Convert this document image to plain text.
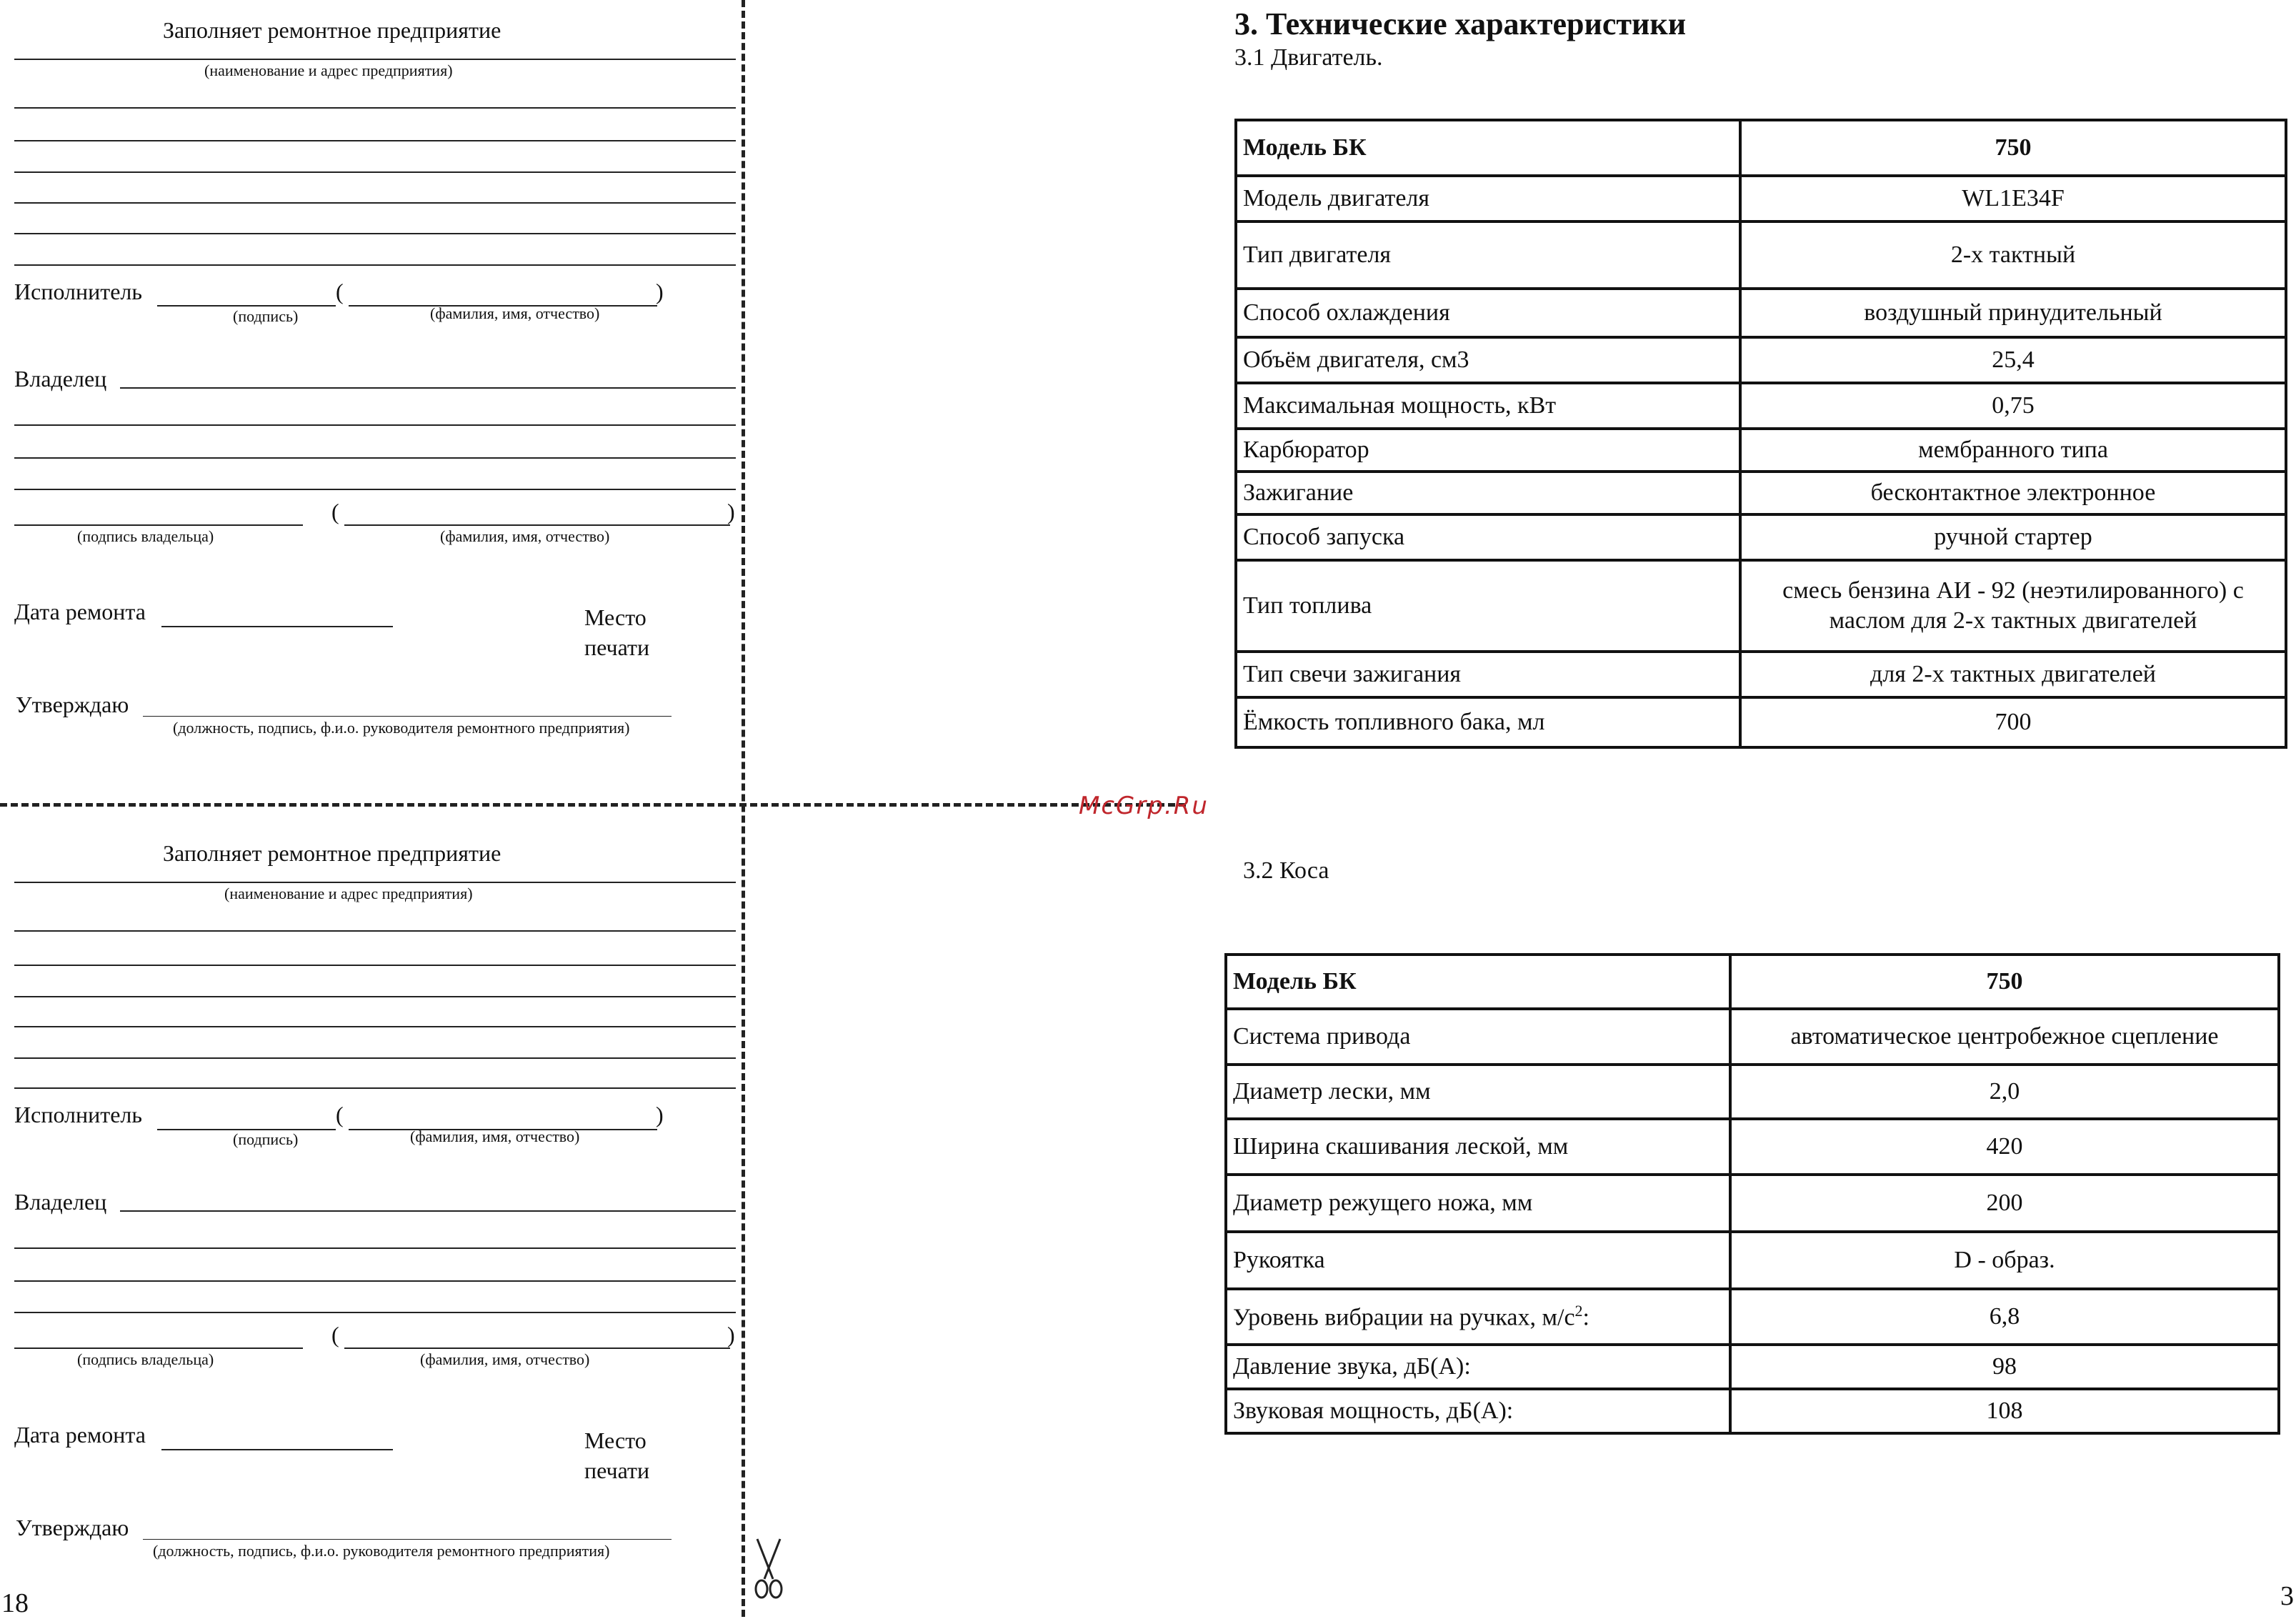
Заполняет ремонтное предприятие
(наименование и адрес предприятия)
Исполнитель	(	)
(подпись)	(фамилия, имя, отчество)
Владелец
(	)
(подпись владельца)	(фамилия, имя, отчество)
Дата ремонта	Место
печати
Утверждаю
(должность, подпись, ф.и.о. руководителя ремонтного предприятия)
Заполняет ремонтное предприятие
(наименование и адрес предприятия)
Исполнитель	(	)
(подпись)	(фамилия, имя, отчество)
Владелец
(	)
(подпись владельца)	(фамилия, имя, отчество)
Дата ремонта	Место
печати
Утверждаю
(должность, подпись, ф.и.о. руководителя ремонтного предприятия)
18	3
McGrp.Ru
3. Технические характеристики
3.1 Двигатель.
Модель БК	750
Модель двигателя	WL1E34F
Тип двигателя	2-х тактный
Способ охлаждения	воздушный принудительный
Объём двигателя, см3	25,4
Максимальная мощность, кВт	0,75
Карбюратор	мембранного типа
Зажигание	бесконтактное электронное
Способ запуска	ручной стартер
Тип топлива	смесь бензина АИ - 92 (неэтилированного) с маслом для 2-х тактных двигателей
Тип свечи зажигания	для 2-х тактных двигателей
Ёмкость топливного бака, мл	700
3.2 Коса
Модель БК	750
Система привода	автоматическое центробежное сцепление
Диаметр лески, мм	2,0
Ширина скашивания леской, мм	420
Диаметр режущего ножа, мм	200
Рукоятка	D - образ.
Уровень вибрации на ручках, $м/с^2$:	6,8
Давление звука, дБ(А):	98
Звуковая мощность, дБ(А):	108
